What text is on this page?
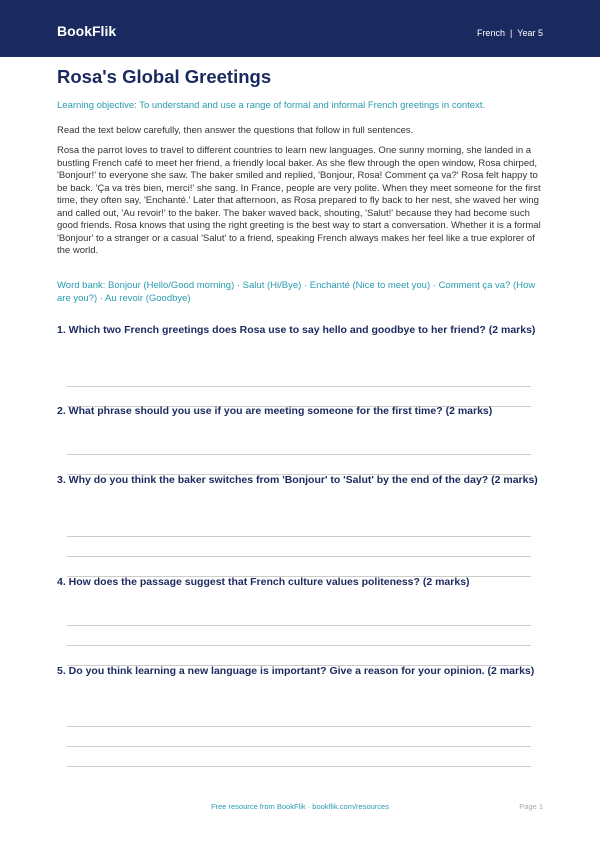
BookFlik	French | Year 5
Rosa's Global Greetings
Learning objective: To understand and use a range of formal and informal French greetings in context.
Read the text below carefully, then answer the questions that follow in full sentences.
Rosa the parrot loves to travel to different countries to learn new languages. One sunny morning, she landed in a bustling French café to meet her friend, a friendly local baker. As she flew through the open window, Rosa chirped, 'Bonjour!' to everyone she saw. The baker smiled and replied, 'Bonjour, Rosa! Comment ça va?' Rosa felt happy to be back. 'Ça va très bien, merci!' she sang. In France, people are very polite. When they meet someone for the first time, they often say, 'Enchanté.' Later that afternoon, as Rosa prepared to fly back to her nest, she waved her wing and called out, 'Au revoir!' to the baker. The baker waved back, shouting, 'Salut!' because they had become such good friends. Rosa knows that using the right greeting is the best way to start a conversation. Whether it is a formal 'Bonjour' to a stranger or a casual 'Salut' to a friend, speaking French always makes her feel like a true explorer of the world.
Word bank: Bonjour (Hello/Good morning) · Salut (Hi/Bye) · Enchanté (Nice to meet you) · Comment ça va? (How are you?) · Au revoir (Goodbye)
1. Which two French greetings does Rosa use to say hello and goodbye to her friend? (2 marks)
2. What phrase should you use if you are meeting someone for the first time? (2 marks)
3. Why do you think the baker switches from 'Bonjour' to 'Salut' by the end of the day? (2 marks)
4. How does the passage suggest that French culture values politeness? (2 marks)
5. Do you think learning a new language is important? Give a reason for your opinion. (2 marks)
Free resource from BookFlik · bookflik.com/resources	Page 1
